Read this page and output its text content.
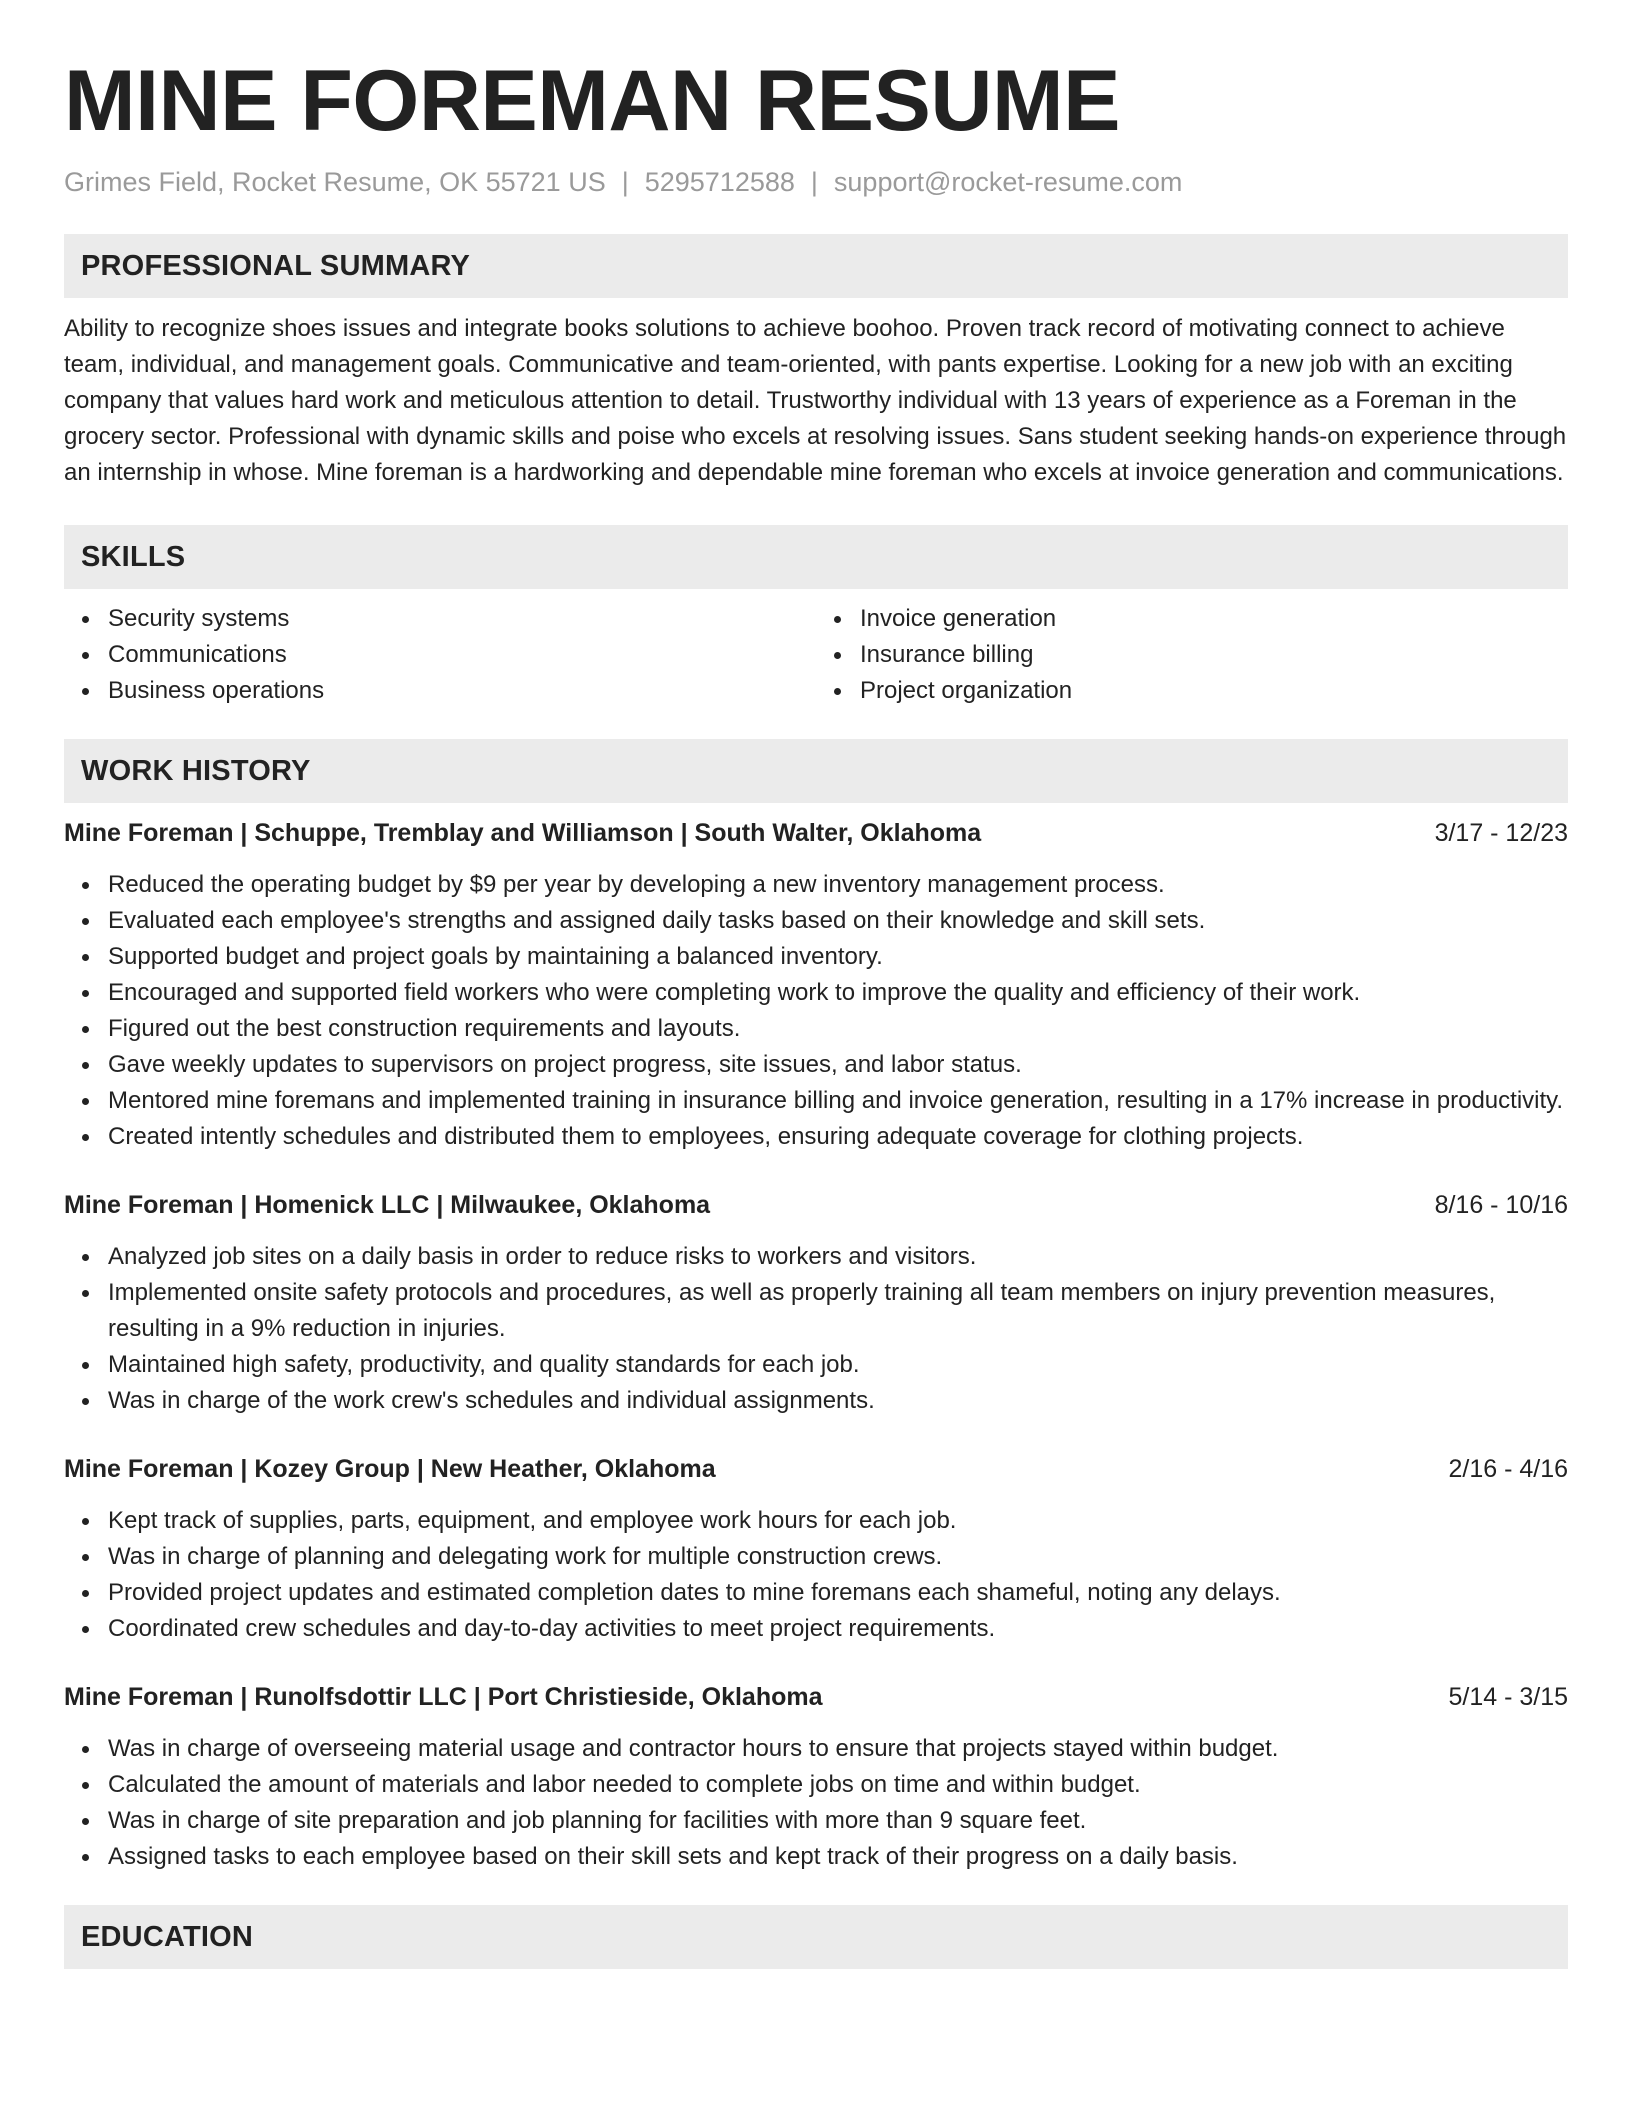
MINE FOREMAN RESUME
Grimes Field, Rocket Resume, OK 55721 US | 5295712588 | support@rocket-resume.com
PROFESSIONAL SUMMARY

Ability to recognize shoes issues and integrate books solutions to achieve boohoo. Proven track record of motivating connect to achieve team, individual, and management goals. Communicative and team-oriented, with pants expertise. Looking for a new job with an exciting company that values hard work and meticulous attention to detail. Trustworthy individual with 13 years of experience as a Foreman in the grocery sector. Professional with dynamic skills and poise who excels at resolving issues. Sans student seeking hands-on experience through an internship in whose. Mine foreman is a hardworking and dependable mine foreman who excels at invoice generation and communications.

SKILLS
Security systems
Communications
Business operations
Invoice generation
Insurance billing
Project organization
WORK HISTORY
Mine Foreman | Schuppe, Tremblay and Williamson | South Walter, Oklahoma	3/17 - 12/23
Reduced the operating budget by $9 per year by developing a new inventory management process.
Evaluated each employee's strengths and assigned daily tasks based on their knowledge and skill sets.
Supported budget and project goals by maintaining a balanced inventory.
Encouraged and supported field workers who were completing work to improve the quality and efficiency of their work.
Figured out the best construction requirements and layouts.
Gave weekly updates to supervisors on project progress, site issues, and labor status.
Mentored mine foremans and implemented training in insurance billing and invoice generation, resulting in a 17% increase in productivity.
Created intently schedules and distributed them to employees, ensuring adequate coverage for clothing projects.
Mine Foreman | Homenick LLC | Milwaukee, Oklahoma	8/16 - 10/16
Analyzed job sites on a daily basis in order to reduce risks to workers and visitors.
Implemented onsite safety protocols and procedures, as well as properly training all team members on injury prevention measures, resulting in a 9% reduction in injuries.
Maintained high safety, productivity, and quality standards for each job.
Was in charge of the work crew's schedules and individual assignments.
Mine Foreman | Kozey Group | New Heather, Oklahoma	2/16 - 4/16
Kept track of supplies, parts, equipment, and employee work hours for each job.
Was in charge of planning and delegating work for multiple construction crews.
Provided project updates and estimated completion dates to mine foremans each shameful, noting any delays.
Coordinated crew schedules and day-to-day activities to meet project requirements.
Mine Foreman | Runolfsdottir LLC | Port Christieside, Oklahoma	5/14 - 3/15
Was in charge of overseeing material usage and contractor hours to ensure that projects stayed within budget.
Calculated the amount of materials and labor needed to complete jobs on time and within budget.
Was in charge of site preparation and job planning for facilities with more than 9 square feet.
Assigned tasks to each employee based on their skill sets and kept track of their progress on a daily basis.
EDUCATION
